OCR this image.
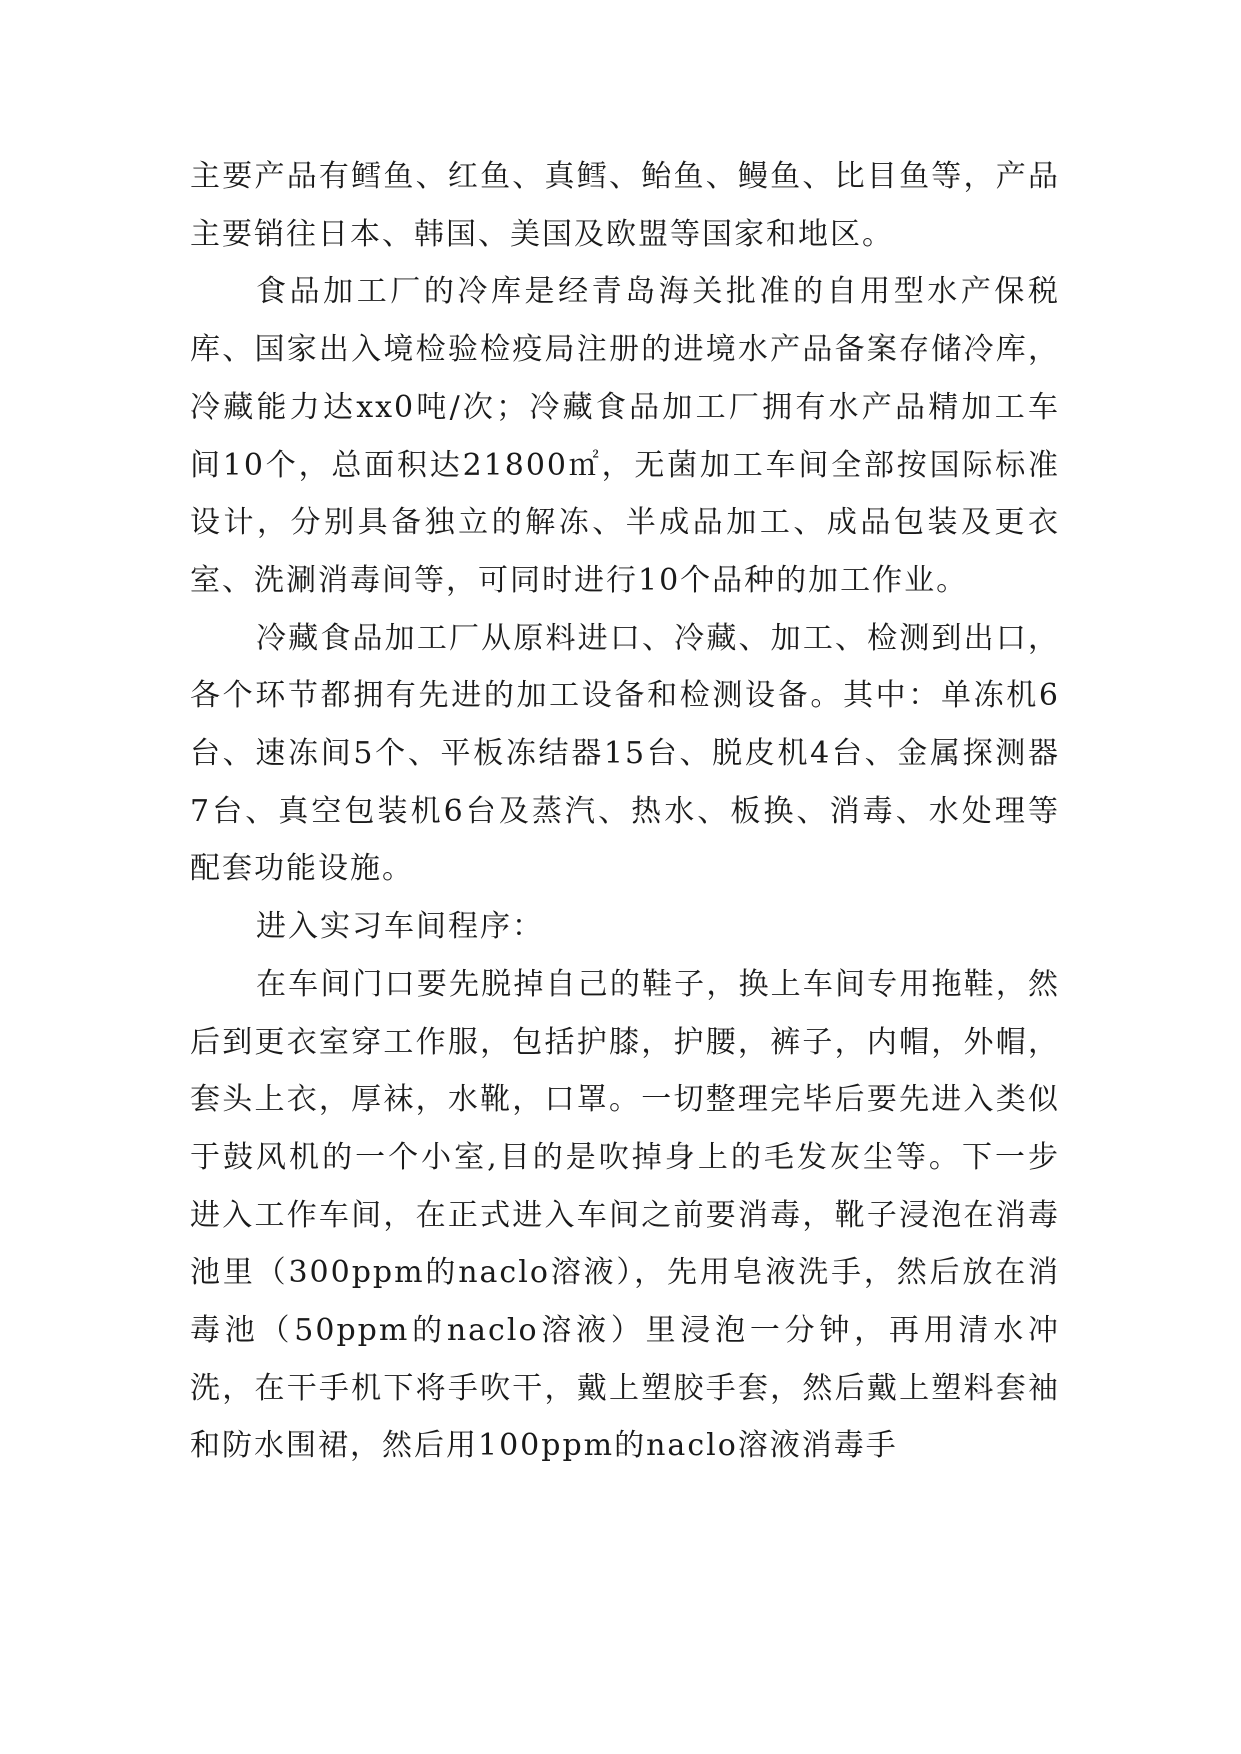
主要产品有鳕鱼、红鱼、真鳕、鲐鱼、鳗鱼、比目鱼等，产品主要销往日本、韩国、美国及欧盟等国家和地区。

食品加工厂的冷库是经青岛海关批准的自用型水产保税库、国家出入境检验检疫局注册的进境水产品备案存储冷库，冷藏能力达xx0吨/次；冷藏食品加工厂拥有水产品精加工车间10个，总面积达21800㎡，无菌加工车间全部按国际标准设计，分别具备独立的解冻、半成品加工、成品包装及更衣室、洗涮消毒间等，可同时进行10个品种的加工作业。

冷藏食品加工厂从原料进口、冷藏、加工、检测到出口，各个环节都拥有先进的加工设备和检测设备。其中：单冻机6台、速冻间5个、平板冻结器15台、脱皮机4台、金属探测器7台、真空包装机6台及蒸汽、热水、板换、消毒、水处理等配套功能设施。

进入实习车间程序：

在车间门口要先脱掉自己的鞋子，换上车间专用拖鞋，然后到更衣室穿工作服，包括护膝，护腰，裤子，内帽，外帽，套头上衣，厚袜，水靴，口罩。一切整理完毕后要先进入类似于鼓风机的一个小室,目的是吹掉身上的毛发灰尘等。下一步进入工作车间，在正式进入车间之前要消毒，靴子浸泡在消毒池里（300ppm的naclo溶液），先用皂液洗手，然后放在消毒池（50ppm的naclo溶液）里浸泡一分钟，再用清水冲洗，在干手机下将手吹干，戴上塑胶手套，然后戴上塑料套袖和防水围裙，然后用100ppm的naclo溶液消毒手
